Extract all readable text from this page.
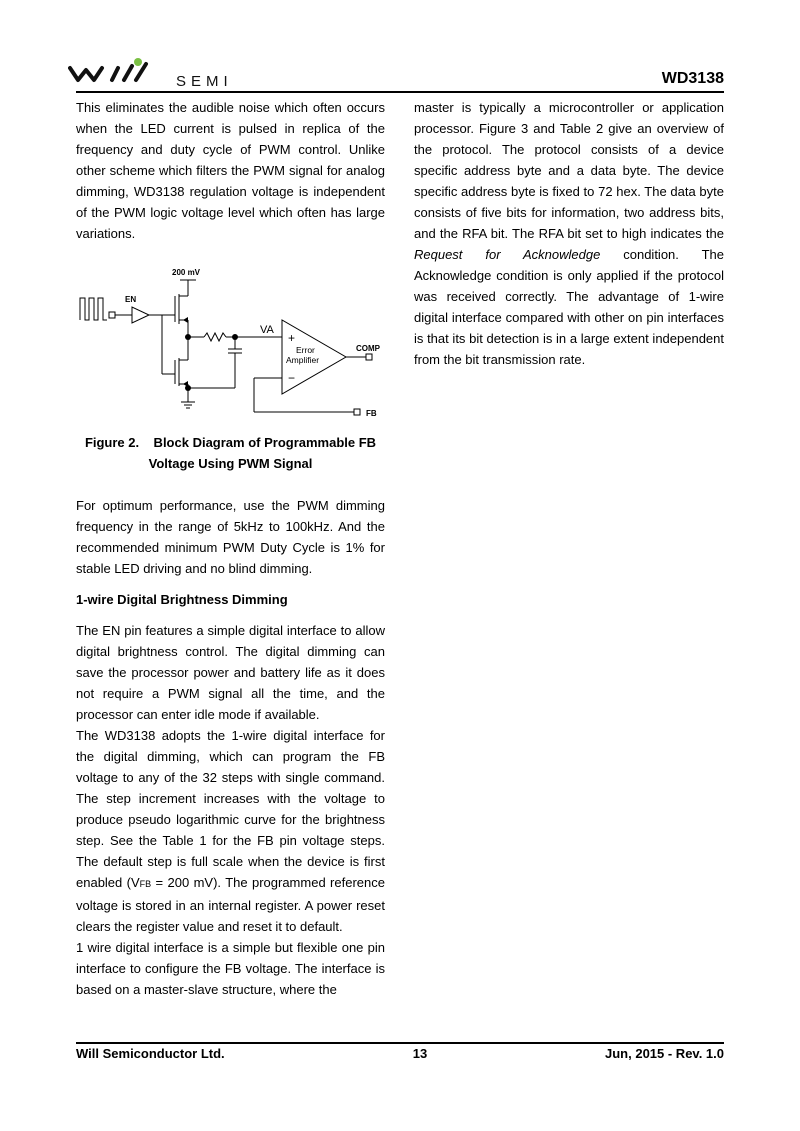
SEMI	WD3138

This eliminates the audible noise which often occurs when the LED current is pulsed in replica of the frequency and duty cycle of PWM control. Unlike other scheme which filters the PWM signal for analog dimming, WD3138 regulation voltage is independent of the PWM logic voltage level which often has large variations.

200 mV
EN
VA
+
−
Error
Amplifier
COMP
FB
Figure 2.    Block Diagram of Programmable FB
Voltage Using PWM Signal

For optimum performance, use the PWM dimming frequency in the range of 5kHz to 100kHz. And the recommended minimum PWM Duty Cycle is 1% for stable LED driving and no blind dimming.

1-wire Digital Brightness Dimming

The EN pin features a simple digital interface to allow digital brightness control. The digital dimming can save the processor power and battery life as it does not require a PWM signal all the time, and the processor can enter idle mode if available.

The WD3138 adopts the 1-wire digital interface for the digital dimming, which can program the FB voltage to any of the 32 steps with single command. The step increment increases with the voltage to produce pseudo logarithmic curve for the brightness step. See the Table 1 for the FB pin voltage steps. The default step is full scale when the device is first enabled (VFB = 200 mV). The programmed reference voltage is stored in an internal register. A power reset clears the register value and reset it to default.

1 wire digital interface is a simple but flexible one pin interface to configure the FB voltage. The interface is based on a master-slave structure, where the

master is typically a microcontroller or application processor. Figure 3 and Table 2 give an overview of the protocol. The protocol consists of a device specific address byte and a data byte. The device specific address byte is fixed to 72 hex. The data byte consists of five bits for information, two address bits, and the RFA bit. The RFA bit set to high indicates the Request for Acknowledge condition. The Acknowledge condition is only applied if the protocol was received correctly. The advantage of 1-wire digital interface compared with other on pin interfaces is that its bit detection is in a large extent independent from the bit transmission rate.

Will Semiconductor Ltd.	13	Jun, 2015 - Rev. 1.0
